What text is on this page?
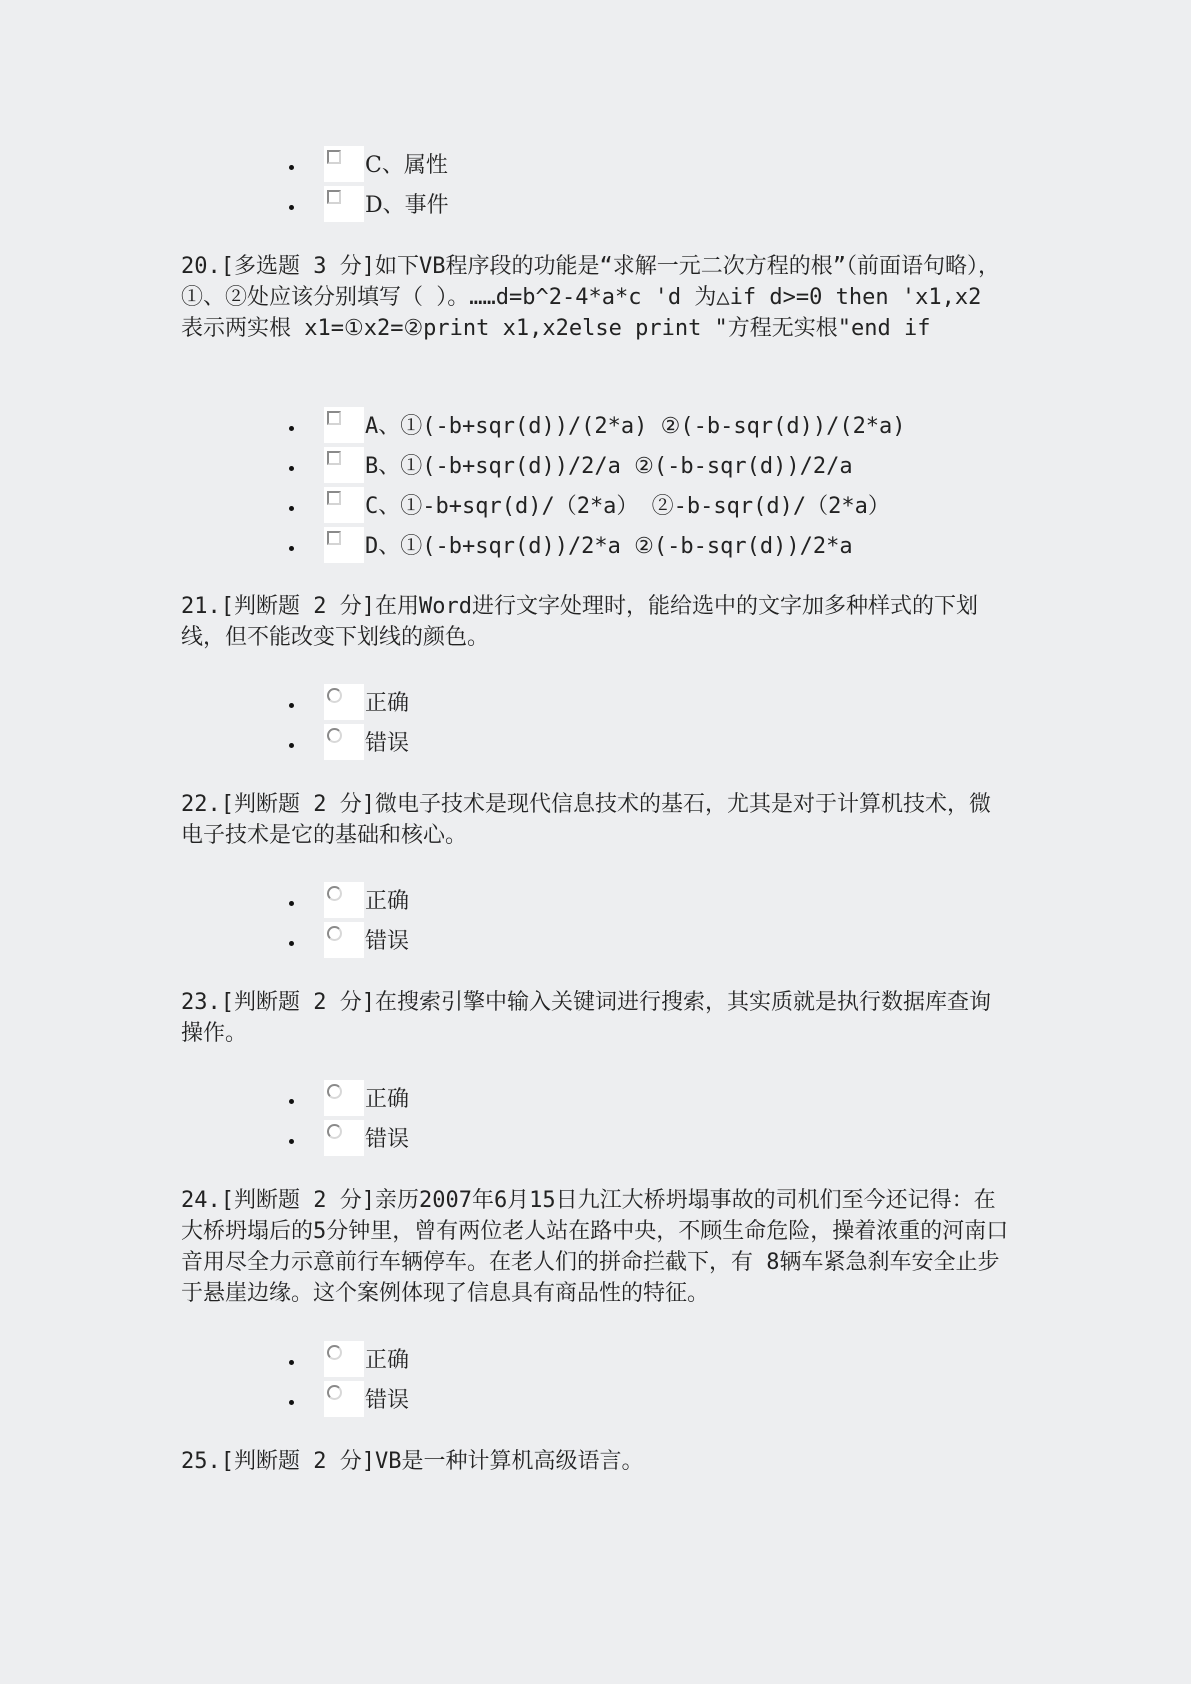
C、属性
D、事件
20.[多选题 3 分]如下VB程序段的功能是“求解一元二次方程的根”（前面语句略），①、②处应该分别填写（ ）。……d=b^2-4*a*c 'd 为△if d>=0 then 'x1,x2 表示两实根 x1=①x2=②print x1,x2else print "方程无实根"end if
A、①(-b+sqr(d))/(2*a) ②(-b-sqr(d))/(2*a)
B、①(-b+sqr(d))/2/a ②(-b-sqr(d))/2/a
C、①-b+sqr(d)/（2*a） ②-b-sqr(d)/（2*a）
D、①(-b+sqr(d))/2*a ②(-b-sqr(d))/2*a
21.[判断题 2 分]在用Word进行文字处理时，能给选中的文字加多种样式的下划线，但不能改变下划线的颜色。
正确
错误
22.[判断题 2 分]微电子技术是现代信息技术的基石，尤其是对于计算机技术，微电子技术是它的基础和核心。
正确
错误
23.[判断题 2 分]在搜索引擎中输入关键词进行搜索，其实质就是执行数据库查询操作。
正确
错误
24.[判断题 2 分]亲历2007年6月15日九江大桥坍塌事故的司机们至今还记得：在大桥坍塌后的5分钟里，曾有两位老人站在路中央，不顾生命危险，操着浓重的河南口音用尽全力示意前行车辆停车。在老人们的拼命拦截下，有 8辆车紧急刹车安全止步于悬崖边缘。这个案例体现了信息具有商品性的特征。
正确
错误
25.[判断题 2 分]VB是一种计算机高级语言。
